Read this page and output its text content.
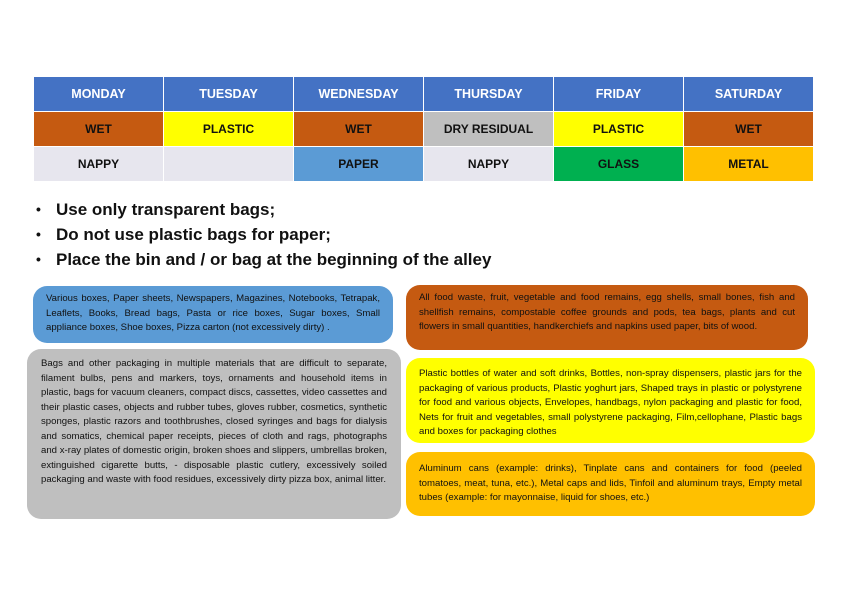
MONDAY	TUESDAY	WEDNESDAY	THURSDAY	FRIDAY	SATURDAY
WET	PLASTIC	WET	DRY RESIDUAL	PLASTIC	WET
NAPPY		PAPER	NAPPY	GLASS	METAL
• Use only transparent bags;
• Do not use plastic bags for paper;
• Place the bin and / or bag at the beginning of the alley
Various boxes, Paper sheets, Newspapers, Magazines, Notebooks, Tetrapak, Leaflets, Books, Bread bags, Pasta or rice boxes, Sugar boxes, Small appliance boxes, Shoe boxes, Pizza carton (not excessively dirty) .
Bags and other packaging in multiple materials that are difficult to separate, filament bulbs, pens and markers, toys, ornaments and household items in plastic, bags for vacuum cleaners, compact discs, cassettes, video cassettes and their plastic cases, objects and rubber tubes, gloves rubber, cosmetics, synthetic sponges, plastic razors and toothbrushes, closed syringes and bags for dialysis and somatics, chemical paper receipts, pieces of cloth and rags, photographs and x-ray plates of domestic origin, broken shoes and slippers, umbrellas broken, extinguished cigarette butts, - disposable plastic cutlery, excessively soiled packaging and waste with food residues, excessively dirty pizza box, animal litter.
All food waste, fruit, vegetable and food remains, egg shells, small bones, fish and shellfish remains, compostable coffee grounds and pods, tea bags, plants and cut flowers in small quantities, handkerchiefs and napkins used paper, bits of wood.
Plastic bottles of water and soft drinks, Bottles, non-spray dispensers, plastic jars for the packaging of various products, Plastic yoghurt jars, Shaped trays in plastic or polystyrene for food and various objects, Envelopes, handbags, nylon packaging and plastic for food, Nets for fruit and vegetables, small polystyrene packaging, Film,cellophane, Plastic bags and boxes for packaging clothes
Aluminum cans (example: drinks), Tinplate cans and containers for food (peeled tomatoes, meat, tuna, etc.), Metal caps and lids, Tinfoil and aluminum trays, Empty metal tubes (example: for mayonnaise, liquid for shoes, etc.)
